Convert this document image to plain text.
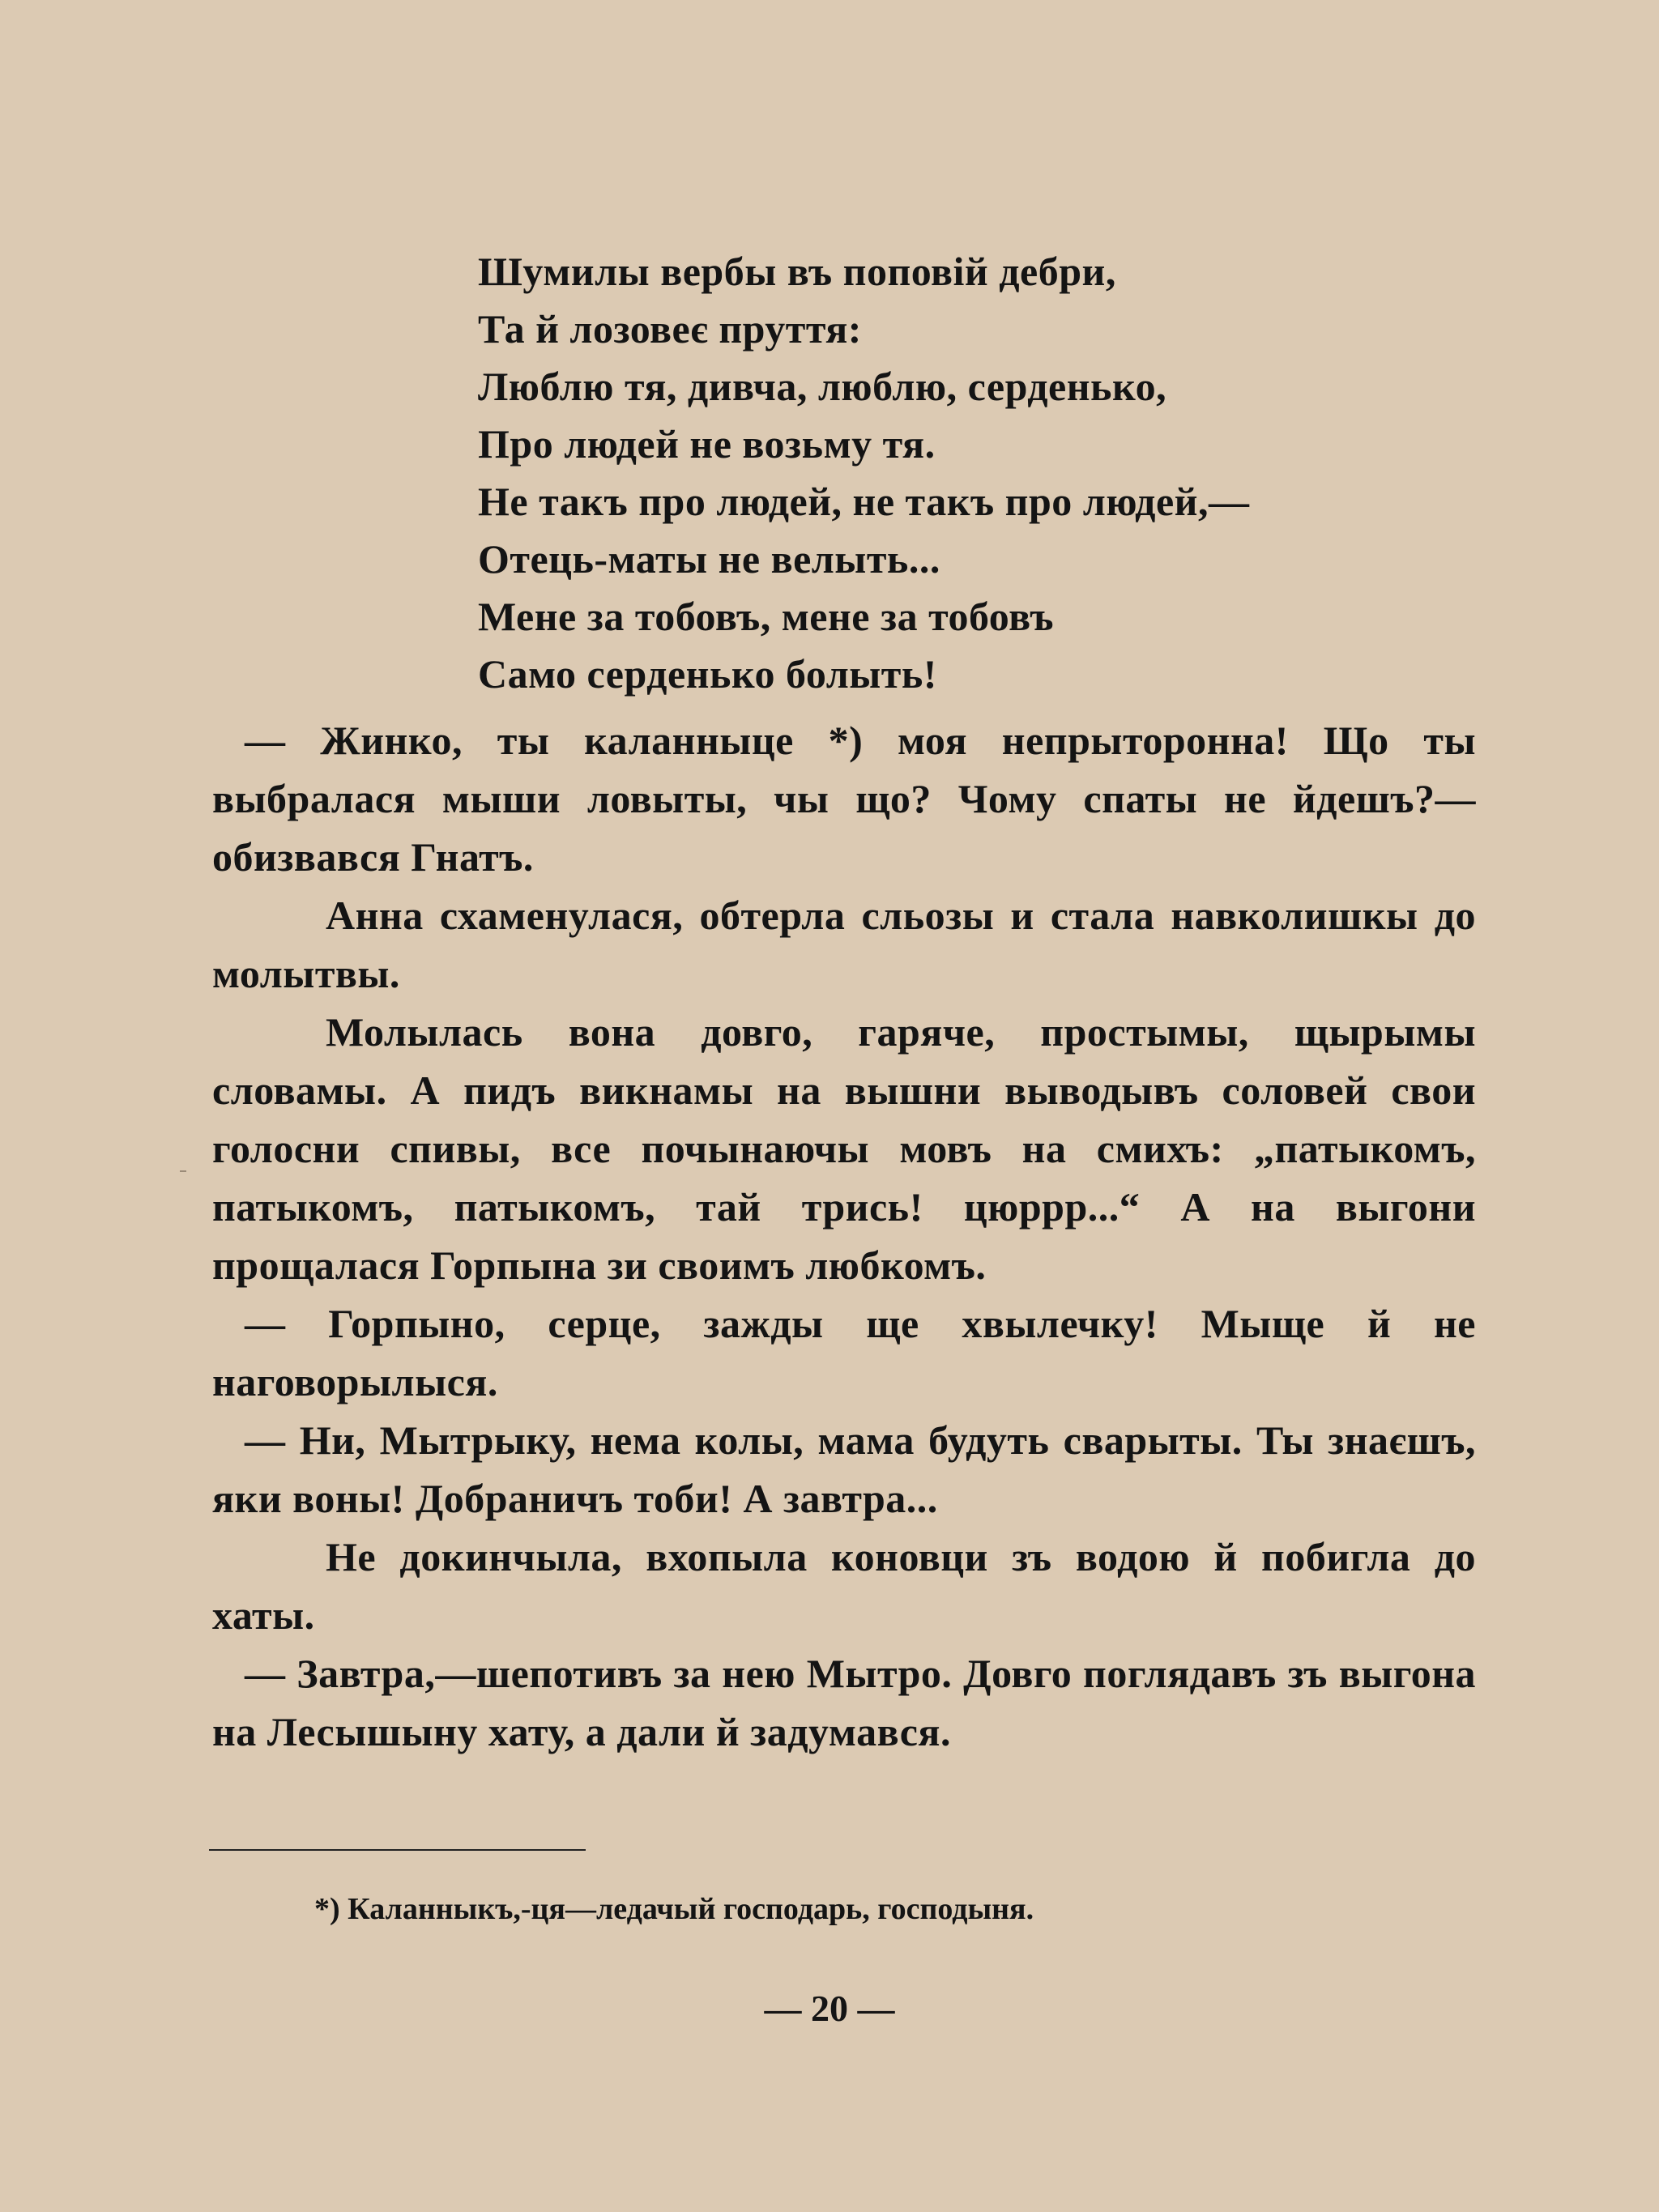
Шумилы вербы въ поповій дебри,
Та й лозовеє пруття:
Люблю тя, дивча, люблю, серденько,
Про людей не возьму тя.
Не такъ про людей, не такъ про людей,—
Отець-маты не велыть...
Мене за тобовъ, мене за тобовъ
Само серденько болыть!

— Жинко, ты каланныце *) моя непрыторонна! Що ты выбралася мыши ловыты, чы що? Чому спаты не йдешъ?—обизвався Гнатъ.

Анна схаменулася, обтерла сльозы и стала навколишкы до молытвы.

Молылась вона довго, гаряче, простымы, щырымы словамы. А пидъ викнамы на вышни выводывъ соловей свои голосни спивы, все почынаючы мовъ на смихъ: „патыкомъ, патыкомъ, патыкомъ, тай трись! цюррр...“ А на выгони прощалася Горпына зи своимъ любкомъ.

— Горпыно, серце, зажды ще хвылечку! Мыще й не наговорылыся.

— Ни, Мытрыку, нема колы, мама будуть сварыты. Ты знаєшъ, яки воны! Добраничъ тоби! А завтра...

Не докинчыла, вхопыла коновци зъ водою й побигла до хаты.

— Завтра,—шепотивъ за нею Мытро. Довго поглядавъ зъ выгона на Лесышыну хату, а дали й задумався.

*) Каланныкъ,-ця—ледачый господарь, господыня.
— 20 —
